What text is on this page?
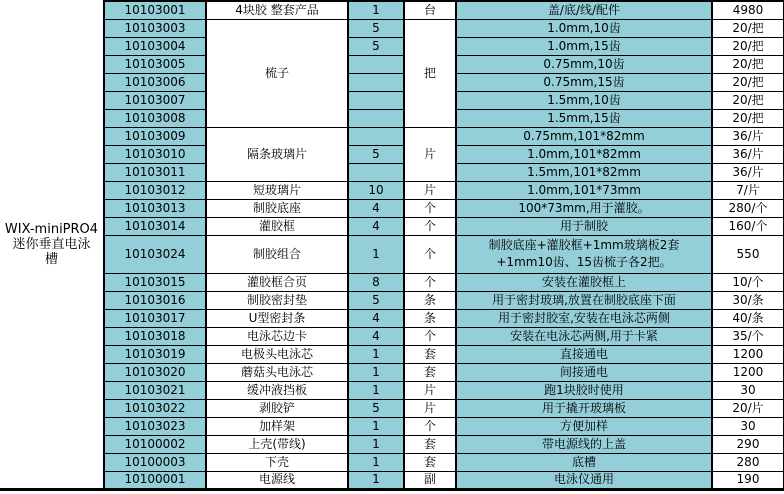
WIX-miniPRO4
迷你垂直电泳
槽	10103001	4块胶 整套产品	1	台	盖/底/线/配件	4980
	10103003	梳子	5	把	1.0mm,10齿	20/把
	10103004		5		1.0mm,15齿	20/把
	10103005				0.75mm,10齿	20/把
	10103006				0.75mm,15齿	20/把
	10103007				1.5mm,10齿	20/把
	10103008				1.5mm,15齿	20/把
	10103009	隔条玻璃片		片	0.75mm,101*82mm	36/片
	10103010		5		1.0mm,101*82mm	36/片
	10103011				1.5mm,101*82mm	36/片
	10103012	短玻璃片	10	片	1.0mm,101*73mm	7/片
	10103013	制胶底座	4	个	100*73mm,用于灌胶。	280/个
	10103014	灌胶框	4	个	用于制胶	160/个
	10103024	制胶组合	1	个	制胶底座+灌胶框+1mm玻璃板2套
+1mm10齿、15齿梳子各2把。	550
	10103015	灌胶框合页	8	个	安装在灌胶框上	10/个
	10103016	制胶密封垫	5	条	用于密封玻璃,放置在制胶底座下面	30/条
	10103017	U型密封条	4	条	用于密封胶室,安装在电泳芯两侧	40/条
	10103018	电泳芯边卡	4	个	安装在电泳芯两侧,用于卡紧	35/个
	10103019	电极头电泳芯	1	套	直接通电	1200
	10103020	蘑菇头电泳芯	1	套	间接通电	1200
	10103021	缓冲液挡板	1	片	跑1块胶时使用	30
	10103022	剥胶铲	5	片	用于撬开玻璃板	20/片
	10103023	加样架	1	个	方便加样	30
	10100002	上壳(带线)	1	套	带电源线的上盖	290
	10100003	下壳	1	套	底槽	280
	10100001	电源线	1	副	电泳仪通用	190
